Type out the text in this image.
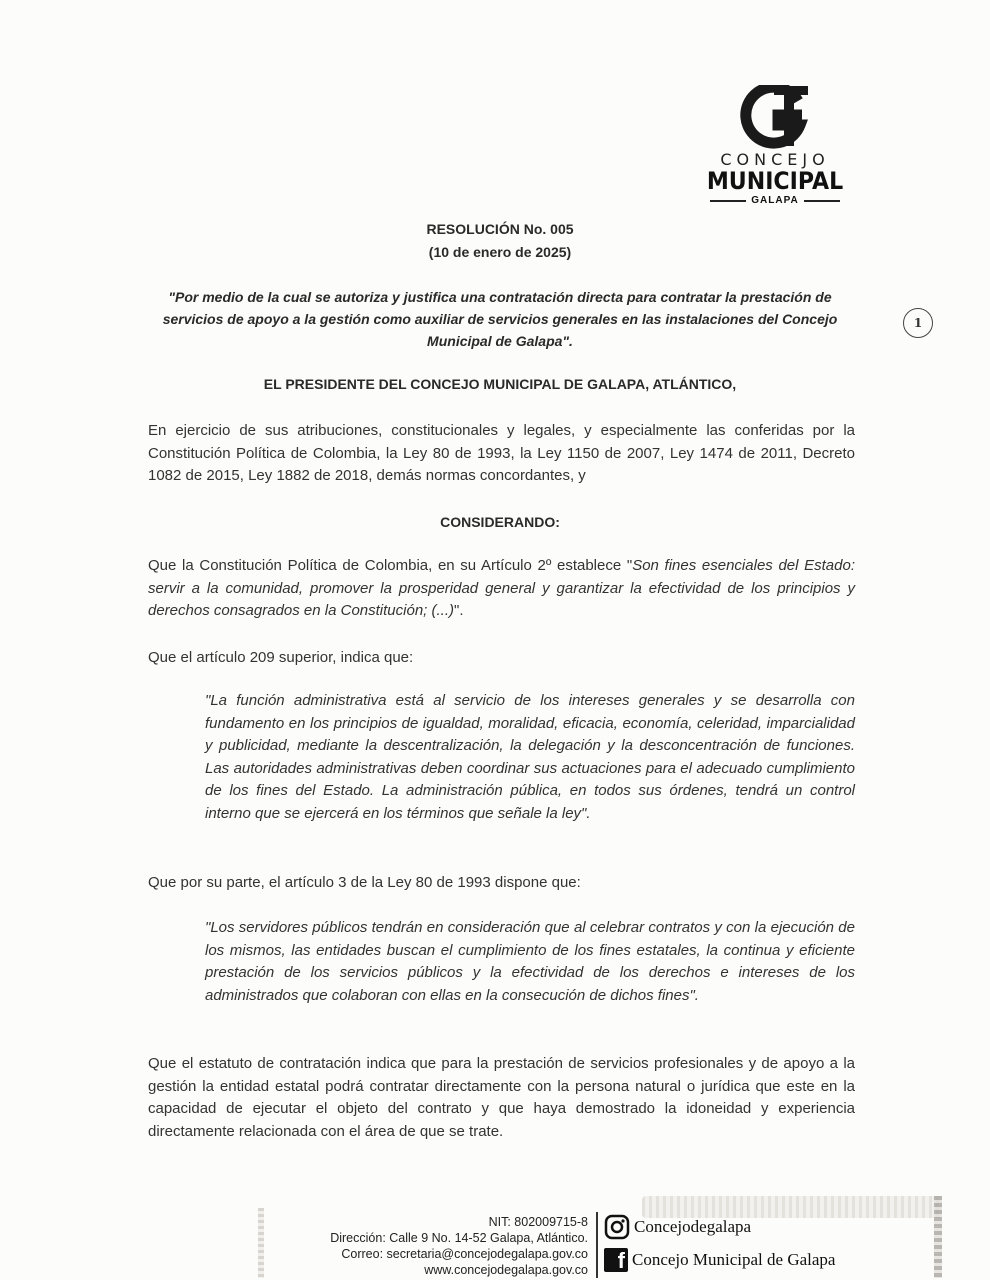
CONCEJO
MUNICIPAL
GALAPA
1
RESOLUCIÓN No. 005
(10 de enero de 2025)
"Por medio de la cual se autoriza y justifica una contratación directa para contratar la prestación de servicios de apoyo a la gestión como auxiliar de servicios generales en las instalaciones del Concejo Municipal de Galapa".
EL PRESIDENTE DEL CONCEJO MUNICIPAL DE GALAPA, ATLÁNTICO,
En ejercicio de sus atribuciones, constitucionales y legales, y especialmente las conferidas por la Constitución Política de Colombia, la Ley 80 de 1993, la Ley 1150 de 2007, Ley 1474 de 2011, Decreto 1082 de 2015, Ley 1882 de 2018, demás normas concordantes, y
CONSIDERANDO:
Que la Constitución Política de Colombia, en su Artículo 2º establece "Son fines esenciales del Estado: servir a la comunidad, promover la prosperidad general y garantizar la efectividad de los principios y derechos consagrados en la Constitución; (...)".
Que el artículo 209 superior, indica que:
"La función administrativa está al servicio de los intereses generales y se desarrolla con fundamento en los principios de igualdad, moralidad, eficacia, economía, celeridad, imparcialidad y publicidad, mediante la descentralización, la delegación y la desconcentración de funciones. Las autoridades administrativas deben coordinar sus actuaciones para el adecuado cumplimiento de los fines del Estado. La administración pública, en todos sus órdenes, tendrá un control interno que se ejercerá en los términos que señale la ley".
Que por su parte, el artículo 3 de la Ley 80 de 1993 dispone que:
"Los servidores públicos tendrán en consideración que al celebrar contratos y con la ejecución de los mismos, las entidades buscan el cumplimiento de los fines estatales, la continua y eficiente prestación de los servicios públicos y la efectividad de los derechos e intereses de los administrados que colaboran con ellas en la consecución de dichos fines".
Que el estatuto de contratación indica que para la prestación de servicios profesionales y de apoyo a la gestión la entidad estatal podrá contratar directamente con la persona natural o jurídica que este en la capacidad de ejecutar el objeto del contrato y que haya demostrado la idoneidad y experiencia directamente relacionada con el área de que se trate.
NIT: 802009715-8
Dirección: Calle 9 No. 14-52 Galapa, Atlántico.
Correo: secretaria@concejodegalapa.gov.co
www.concejodegalapa.gov.co
Concejodegalapa
f Concejo Municipal de Galapa
